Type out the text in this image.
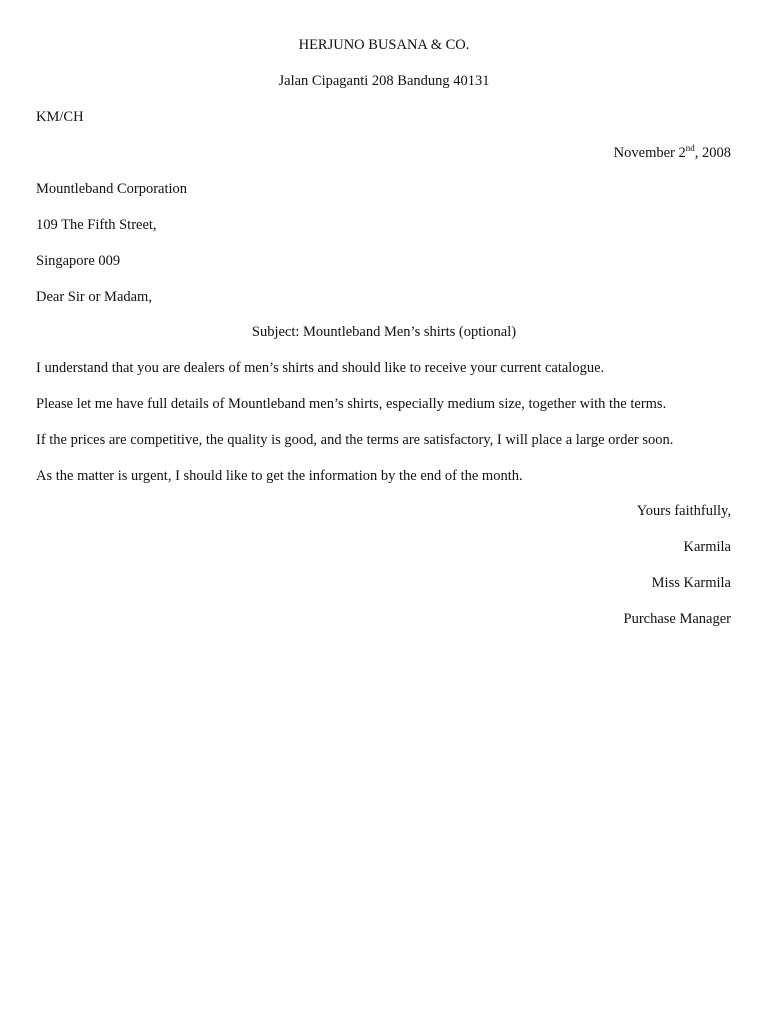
HERJUNO BUSANA & CO.
Jalan Cipaganti 208 Bandung 40131
KM/CH
November 2nd, 2008
Mountleband Corporation
109 The Fifth Street,
Singapore 009
Dear Sir or Madam,
Subject: Mountleband Men’s shirts (optional)
I understand that you are dealers of men’s shirts and should like to receive your current catalogue.
Please let me have full details of Mountleband men’s shirts, especially medium size, together with the terms.
If the prices are competitive, the quality is good, and the terms are satisfactory, I will place a large order soon.
As the matter is urgent, I should like to get the information by the end of the month.
Yours faithfully,
Karmila
Miss Karmila
Purchase Manager
